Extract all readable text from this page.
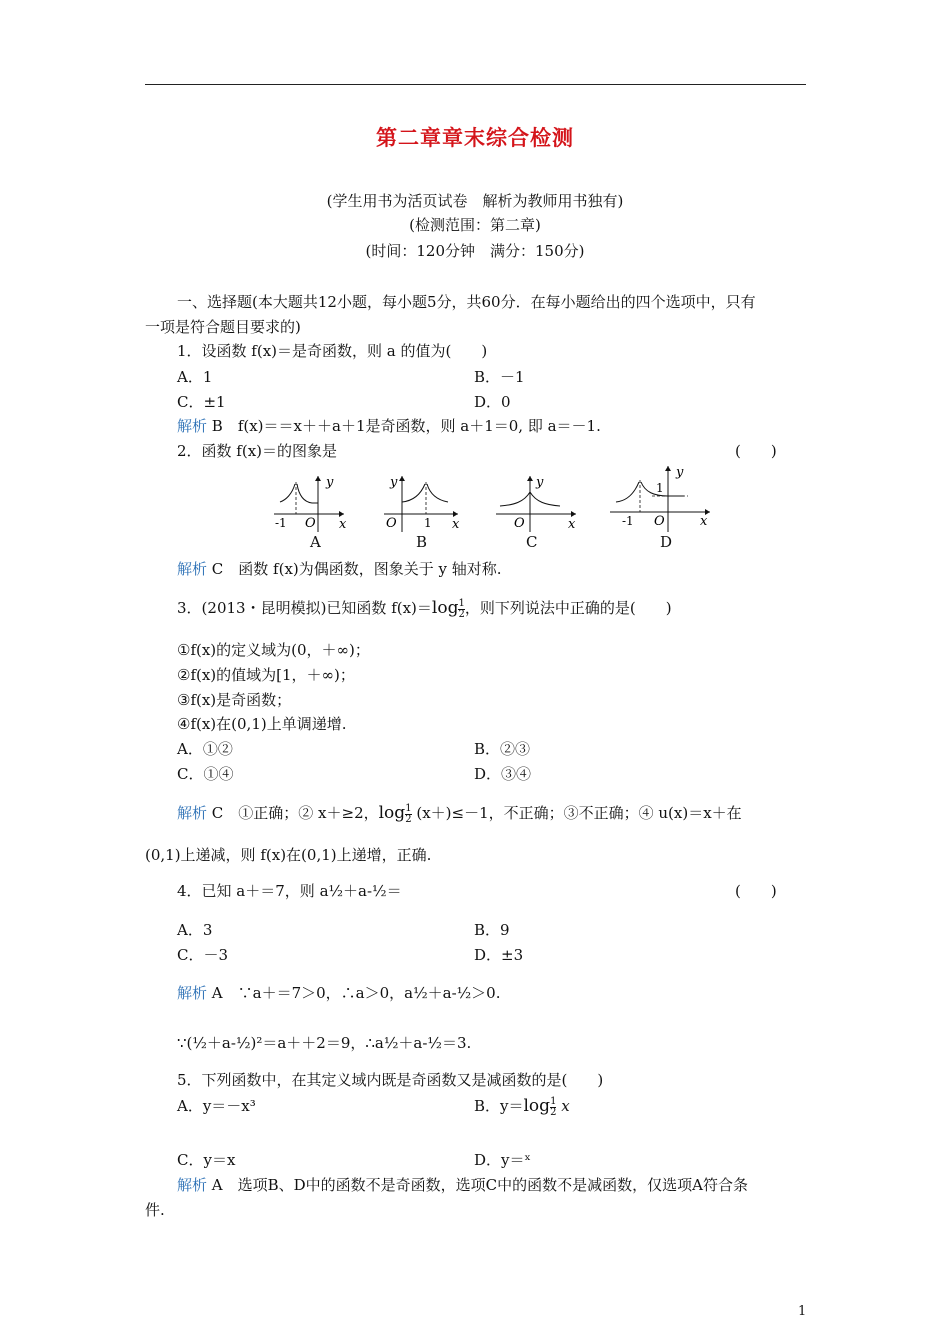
第二章章末综合检测
(学生用书为活页试卷　解析为教师用书独有)
(检测范围：第二章)
(时间：120分钟　满分：150分)
一、选择题(本大题共12小题，每小题5分，共60分．在每小题给出的四个选项中，只有
一项是符合题目要求的)
1．设函数 f(x)＝是奇函数，则 a 的值为(　　)
A．1	B．－1
C．±1	D．0
解析 B　f(x)＝＝x＋＋a＋1是奇函数，则 a＋1＝0, 即 a＝－1.
2．函数 f(x)＝的图象是	(　　)
-1 O x
y
A
O 1 x
y
B
O	x
y
C
1
-1 O	x
y
D
解析 C　函数 f(x)为偶函数，图象关于 y 轴对称.
3．(2013・昆明模拟)已知函数 $f(x)=\log \frac{1}{2}$，则下列说法中正确的是(　　)
①f(x)的定义域为(0，＋∞)；
②f(x)的值域为[1，＋∞)；
③f(x)是奇函数；
④f(x)在(0,1)上单调递增.
A．①②	B．②③
C．①④	D．③④
解析 C　①正确；② x＋≥2，$\log \frac{1}{2} (x+)\le-1$，不正确；③不正确；④ u(x)＝x＋在
(0,1)上递减，则 f(x)在(0,1)上递增，正确.
4．已知 a＋＝7，则 a½＋a-½＝	(　　)
A．3	B．9
C．－3	D．±3
解析 A　∵a＋＝7＞0，∴a＞0，a½＋a-½＞0.
∵(½＋a-½)²＝a＋＋2＝9，∴a½＋a-½＝3.
5．下列函数中，在其定义域内既是奇函数又是减函数的是(　　)
A．y＝－x³	B．$y=\log \frac{1}{2}$ x
C．y＝x	D．y＝ˣ
解析 A　选项B、D中的函数不是奇函数，选项C中的函数不是减函数，仅选项A符合条
件.
1
